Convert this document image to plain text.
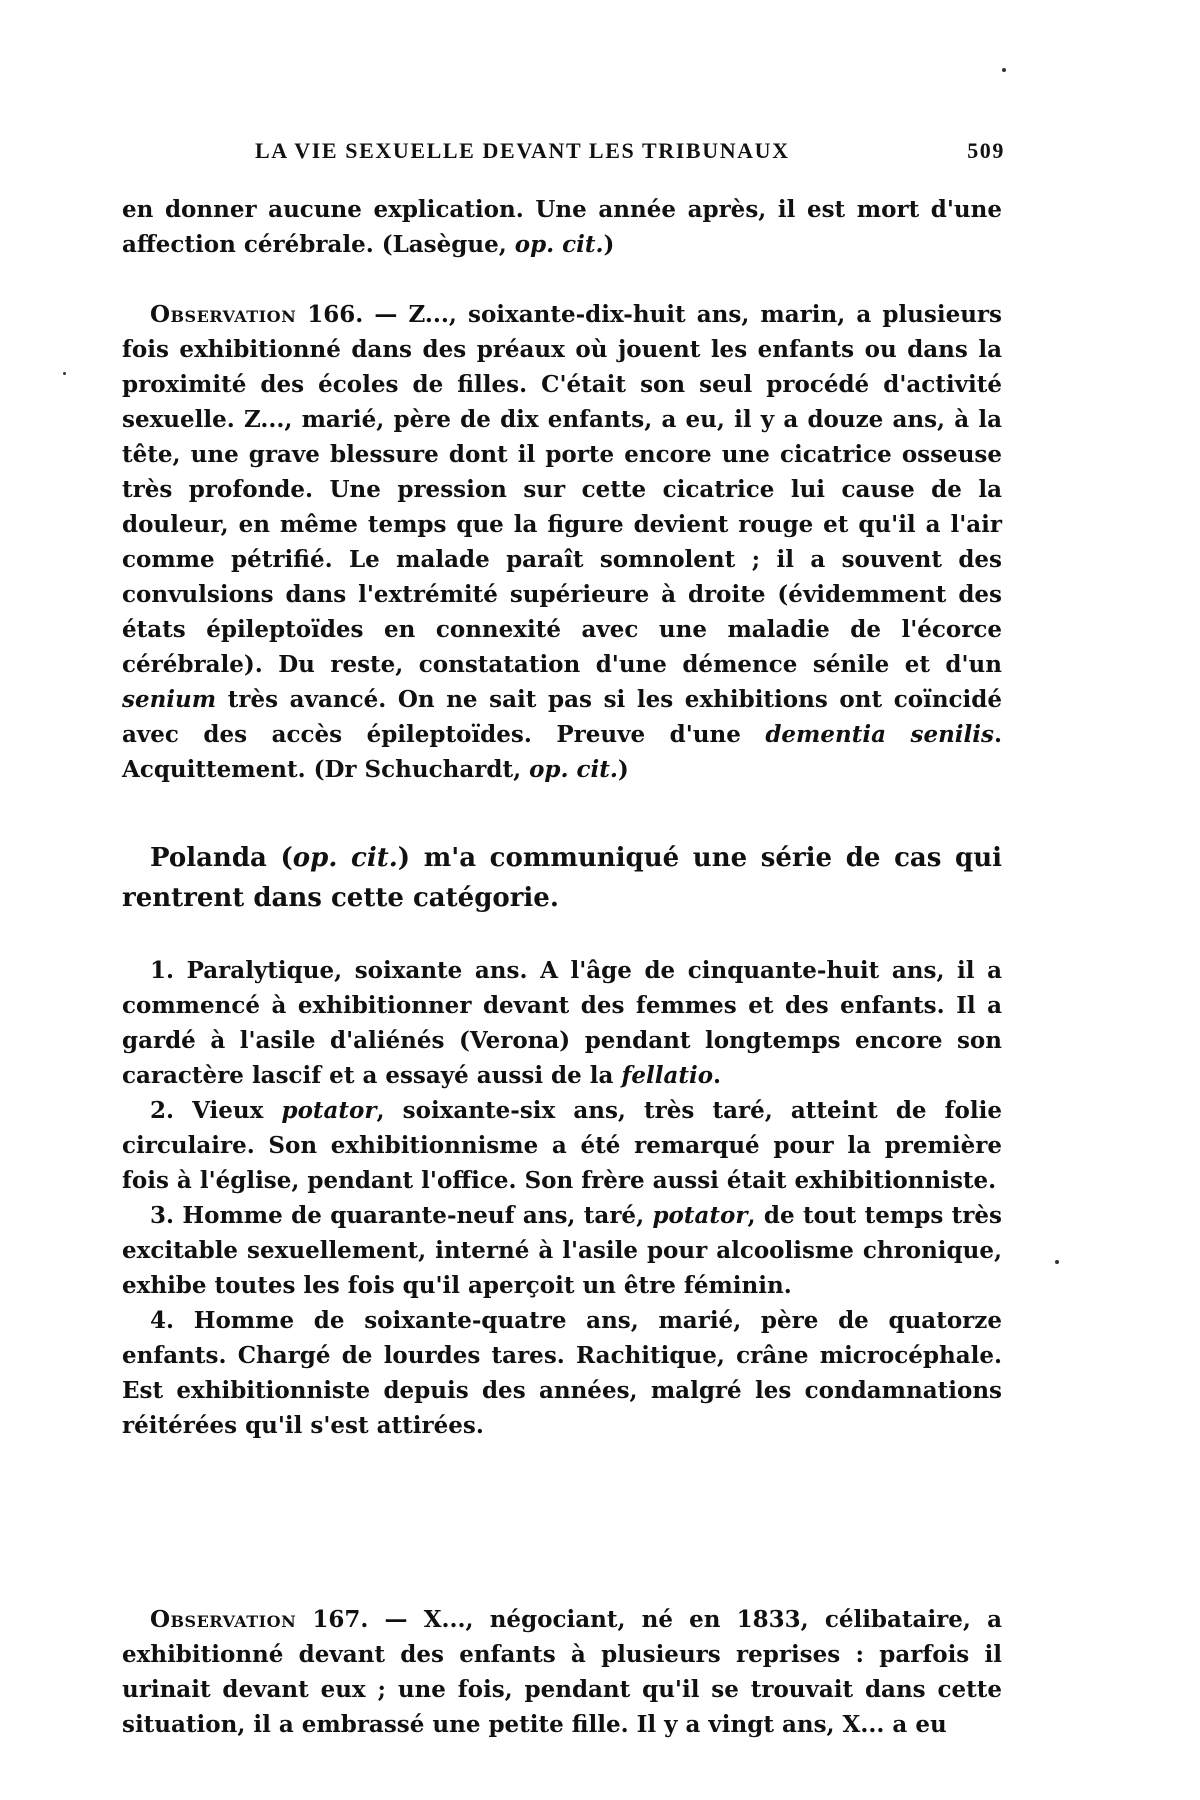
LA VIE SEXUELLE DEVANT LES TRIBUNAUX	509

en donner aucune explication. Une année après, il est mort d'une affection cérébrale. (Lasègue, op. cit.)

Observation 166. — Z..., soixante-dix-huit ans, marin, a plusieurs fois exhibitionné dans des préaux où jouent les enfants ou dans la proximité des écoles de filles. C'était son seul procédé d'activité sexuelle. Z..., marié, père de dix enfants, a eu, il y a douze ans, à la tête, une grave blessure dont il porte encore une cicatrice osseuse très profonde. Une pression sur cette cicatrice lui cause de la douleur, en même temps que la figure devient rouge et qu'il a l'air comme pétrifié. Le malade paraît somnolent ; il a souvent des convulsions dans l'extrémité supérieure à droite (évidemment des états épileptoïdes en connexité avec une maladie de l'écorce cérébrale). Du reste, constatation d'une démence sénile et d'un senium très avancé. On ne sait pas si les exhibitions ont coïncidé avec des accès épileptoïdes. Preuve d'une dementia senilis. Acquittement. (Dr Schuchardt, op. cit.)

Polanda (op. cit.) m'a communiqué une série de cas qui rentrent dans cette catégorie.

1. Paralytique, soixante ans. A l'âge de cinquante-huit ans, il a commencé à exhibitionner devant des femmes et des enfants. Il a gardé à l'asile d'aliénés (Verona) pendant longtemps encore son caractère lascif et a essayé aussi de la fellatio.

2. Vieux potator, soixante-six ans, très taré, atteint de folie circulaire. Son exhibitionnisme a été remarqué pour la première fois à l'église, pendant l'office. Son frère aussi était exhibitionniste.

3. Homme de quarante-neuf ans, taré, potator, de tout temps très excitable sexuellement, interné à l'asile pour alcoolisme chronique, exhibe toutes les fois qu'il aperçoit un être féminin.

4. Homme de soixante-quatre ans, marié, père de quatorze enfants. Chargé de lourdes tares. Rachitique, crâne microcéphale. Est exhibitionniste depuis des années, malgré les condamnations réitérées qu'il s'est attirées.

Observation 167. — X..., négociant, né en 1833, célibataire, a exhibitionné devant des enfants à plusieurs reprises : parfois il urinait devant eux ; une fois, pendant qu'il se trouvait dans cette situation, il a embrassé une petite fille. Il y a vingt ans, X... a eu
